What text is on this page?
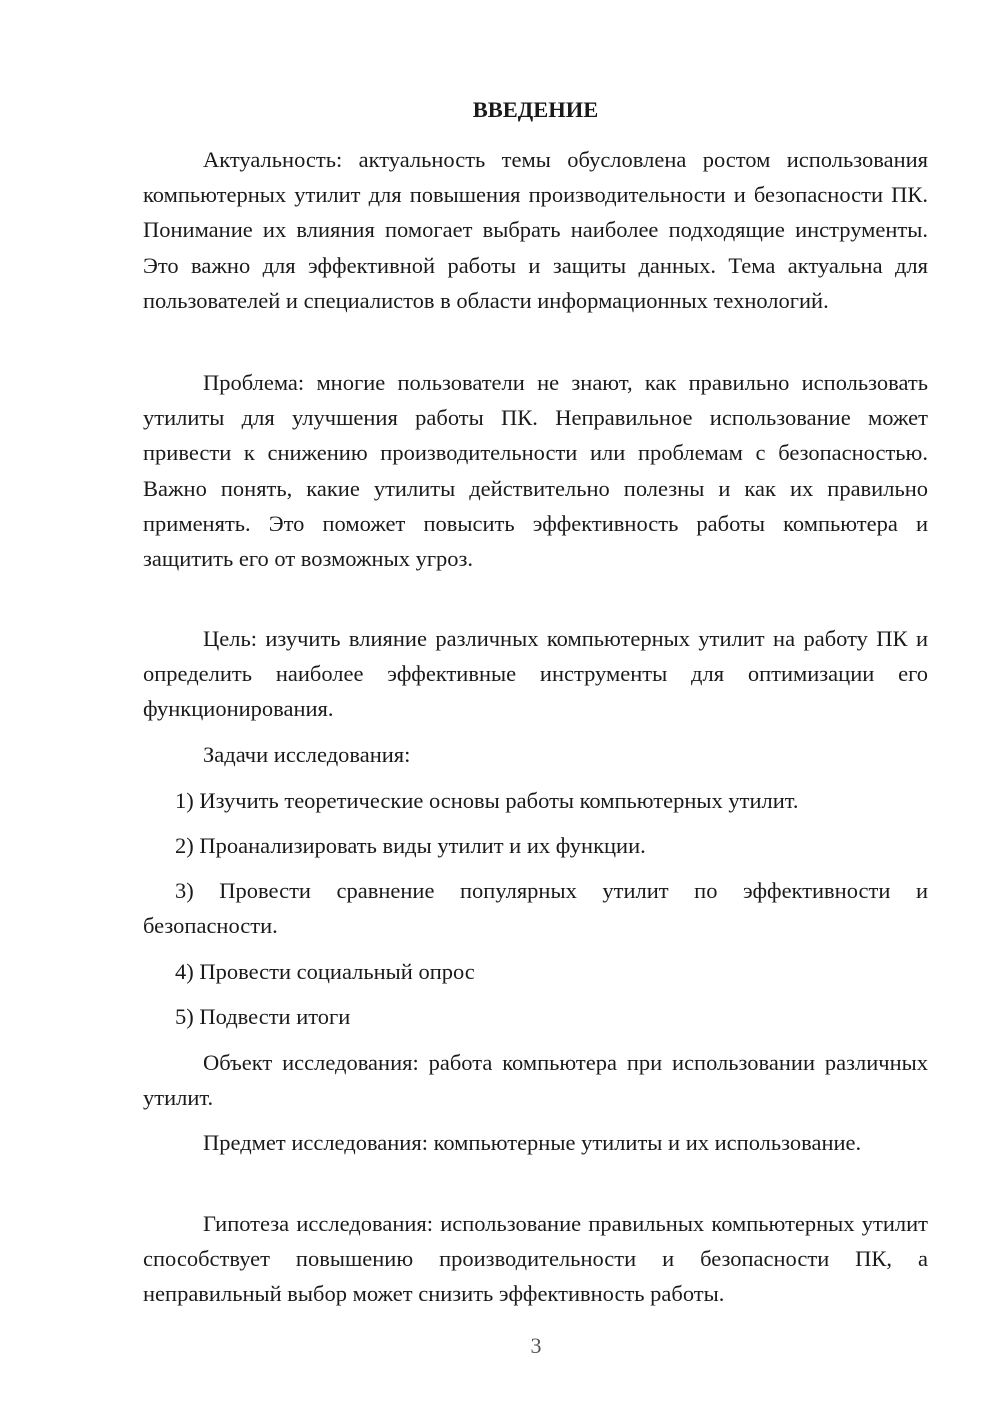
ВВЕДЕНИЕ

Актуальность: актуальность темы обусловлена ростом использования компьютерных утилит для повышения производительности и безопасности ПК. Понимание их влияния помогает выбрать наиболее подходящие инструменты. Это важно для эффективной работы и защиты данных. Тема актуальна для пользователей и специалистов в области информационных технологий.

Проблема: многие пользователи не знают, как правильно использовать утилиты для улучшения работы ПК. Неправильное использование может привести к снижению производительности или проблемам с безопасностью. Важно понять, какие утилиты действительно полезны и как их правильно применять. Это поможет повысить эффективность работы компьютера и защитить его от возможных угроз.

Цель: изучить влияние различных компьютерных утилит на работу ПК и определить наиболее эффективные инструменты для оптимизации его функционирования.

Задачи исследования:

1) Изучить теоретические основы работы компьютерных утилит.

2) Проанализировать виды утилит и их функции.

3) Провести сравнение популярных утилит по эффективности и безопасности.

4) Провести социальный опрос

5) Подвести итоги

Объект исследования: работа компьютера при использовании различных утилит.

Предмет исследования: компьютерные утилиты и их использование.

Гипотеза исследования: использование правильных компьютерных утилит способствует повышению производительности и безопасности ПК, а неправильный выбор может снизить эффективность работы.

3
